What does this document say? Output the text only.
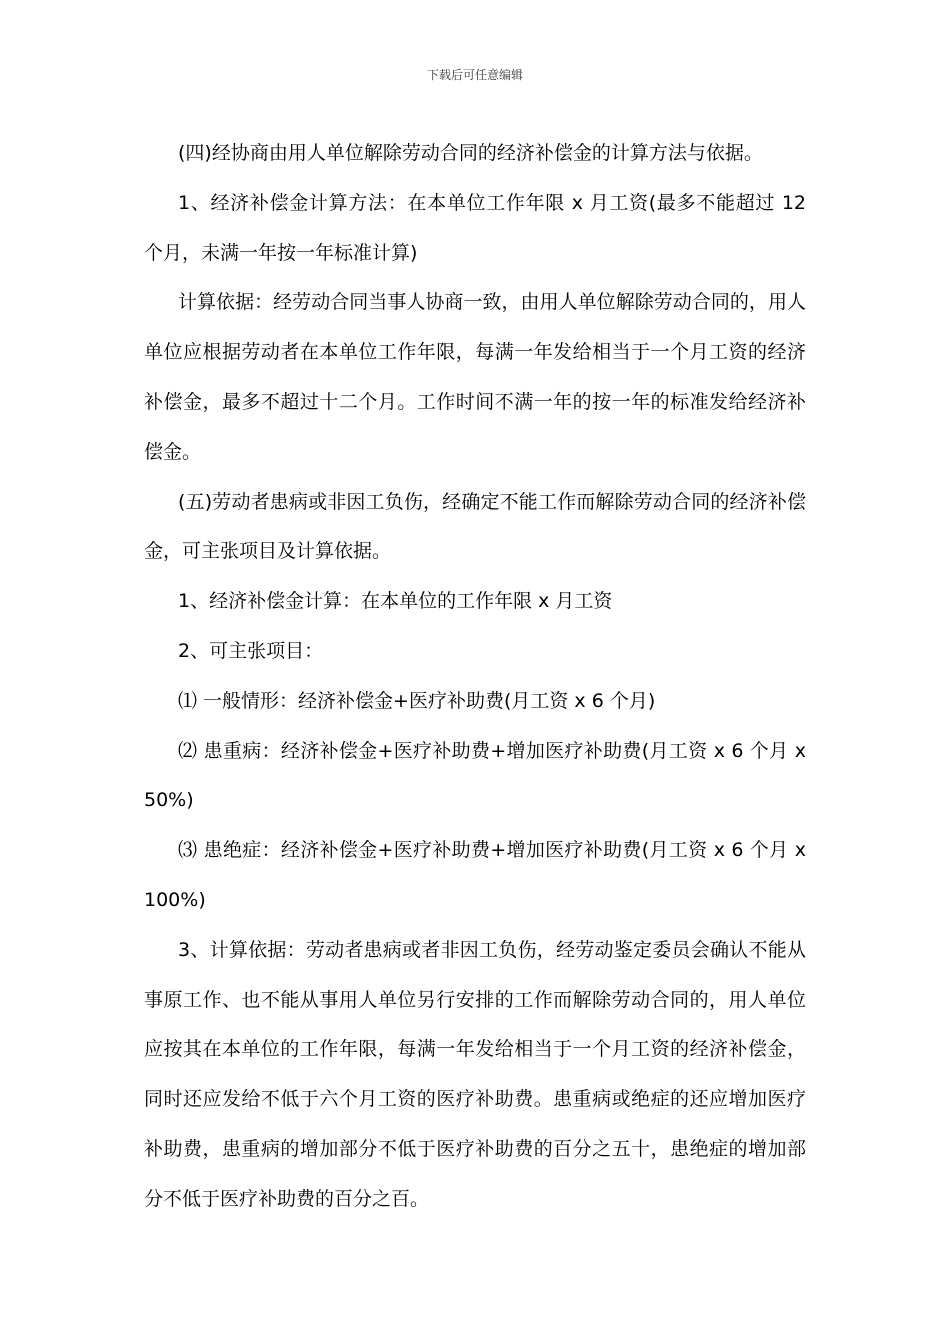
下载后可任意编辑

(四)经协商由用人单位解除劳动合同的经济补偿金的计算方法与依据。

1、经济补偿金计算方法：在本单位工作年限 x 月工资(最多不能超过 12 个月，未满一年按一年标准计算)

计算依据：经劳动合同当事人协商一致，由用人单位解除劳动合同的，用人单位应根据劳动者在本单位工作年限，每满一年发给相当于一个月工资的经济补偿金，最多不超过十二个月。工作时间不满一年的按一年的标准发给经济补偿金。

(五)劳动者患病或非因工负伤，经确定不能工作而解除劳动合同的经济补偿金，可主张项目及计算依据。

1、经济补偿金计算：在本单位的工作年限 x 月工资

2、可主张项目：

⑴ 一般情形：经济补偿金+医疗补助费(月工资 x 6 个月)

⑵ 患重病：经济补偿金+医疗补助费+增加医疗补助费(月工资 x 6 个月 x 50%)

⑶ 患绝症：经济补偿金+医疗补助费+增加医疗补助费(月工资 x 6 个月 x 100%)

3、计算依据：劳动者患病或者非因工负伤，经劳动鉴定委员会确认不能从事原工作、也不能从事用人单位另行安排的工作而解除劳动合同的，用人单位应按其在本单位的工作年限，每满一年发给相当于一个月工资的经济补偿金，同时还应发给不低于六个月工资的医疗补助费。患重病或绝症的还应增加医疗补助费，患重病的增加部分不低于医疗补助费的百分之五十，患绝症的增加部分不低于医疗补助费的百分之百。
